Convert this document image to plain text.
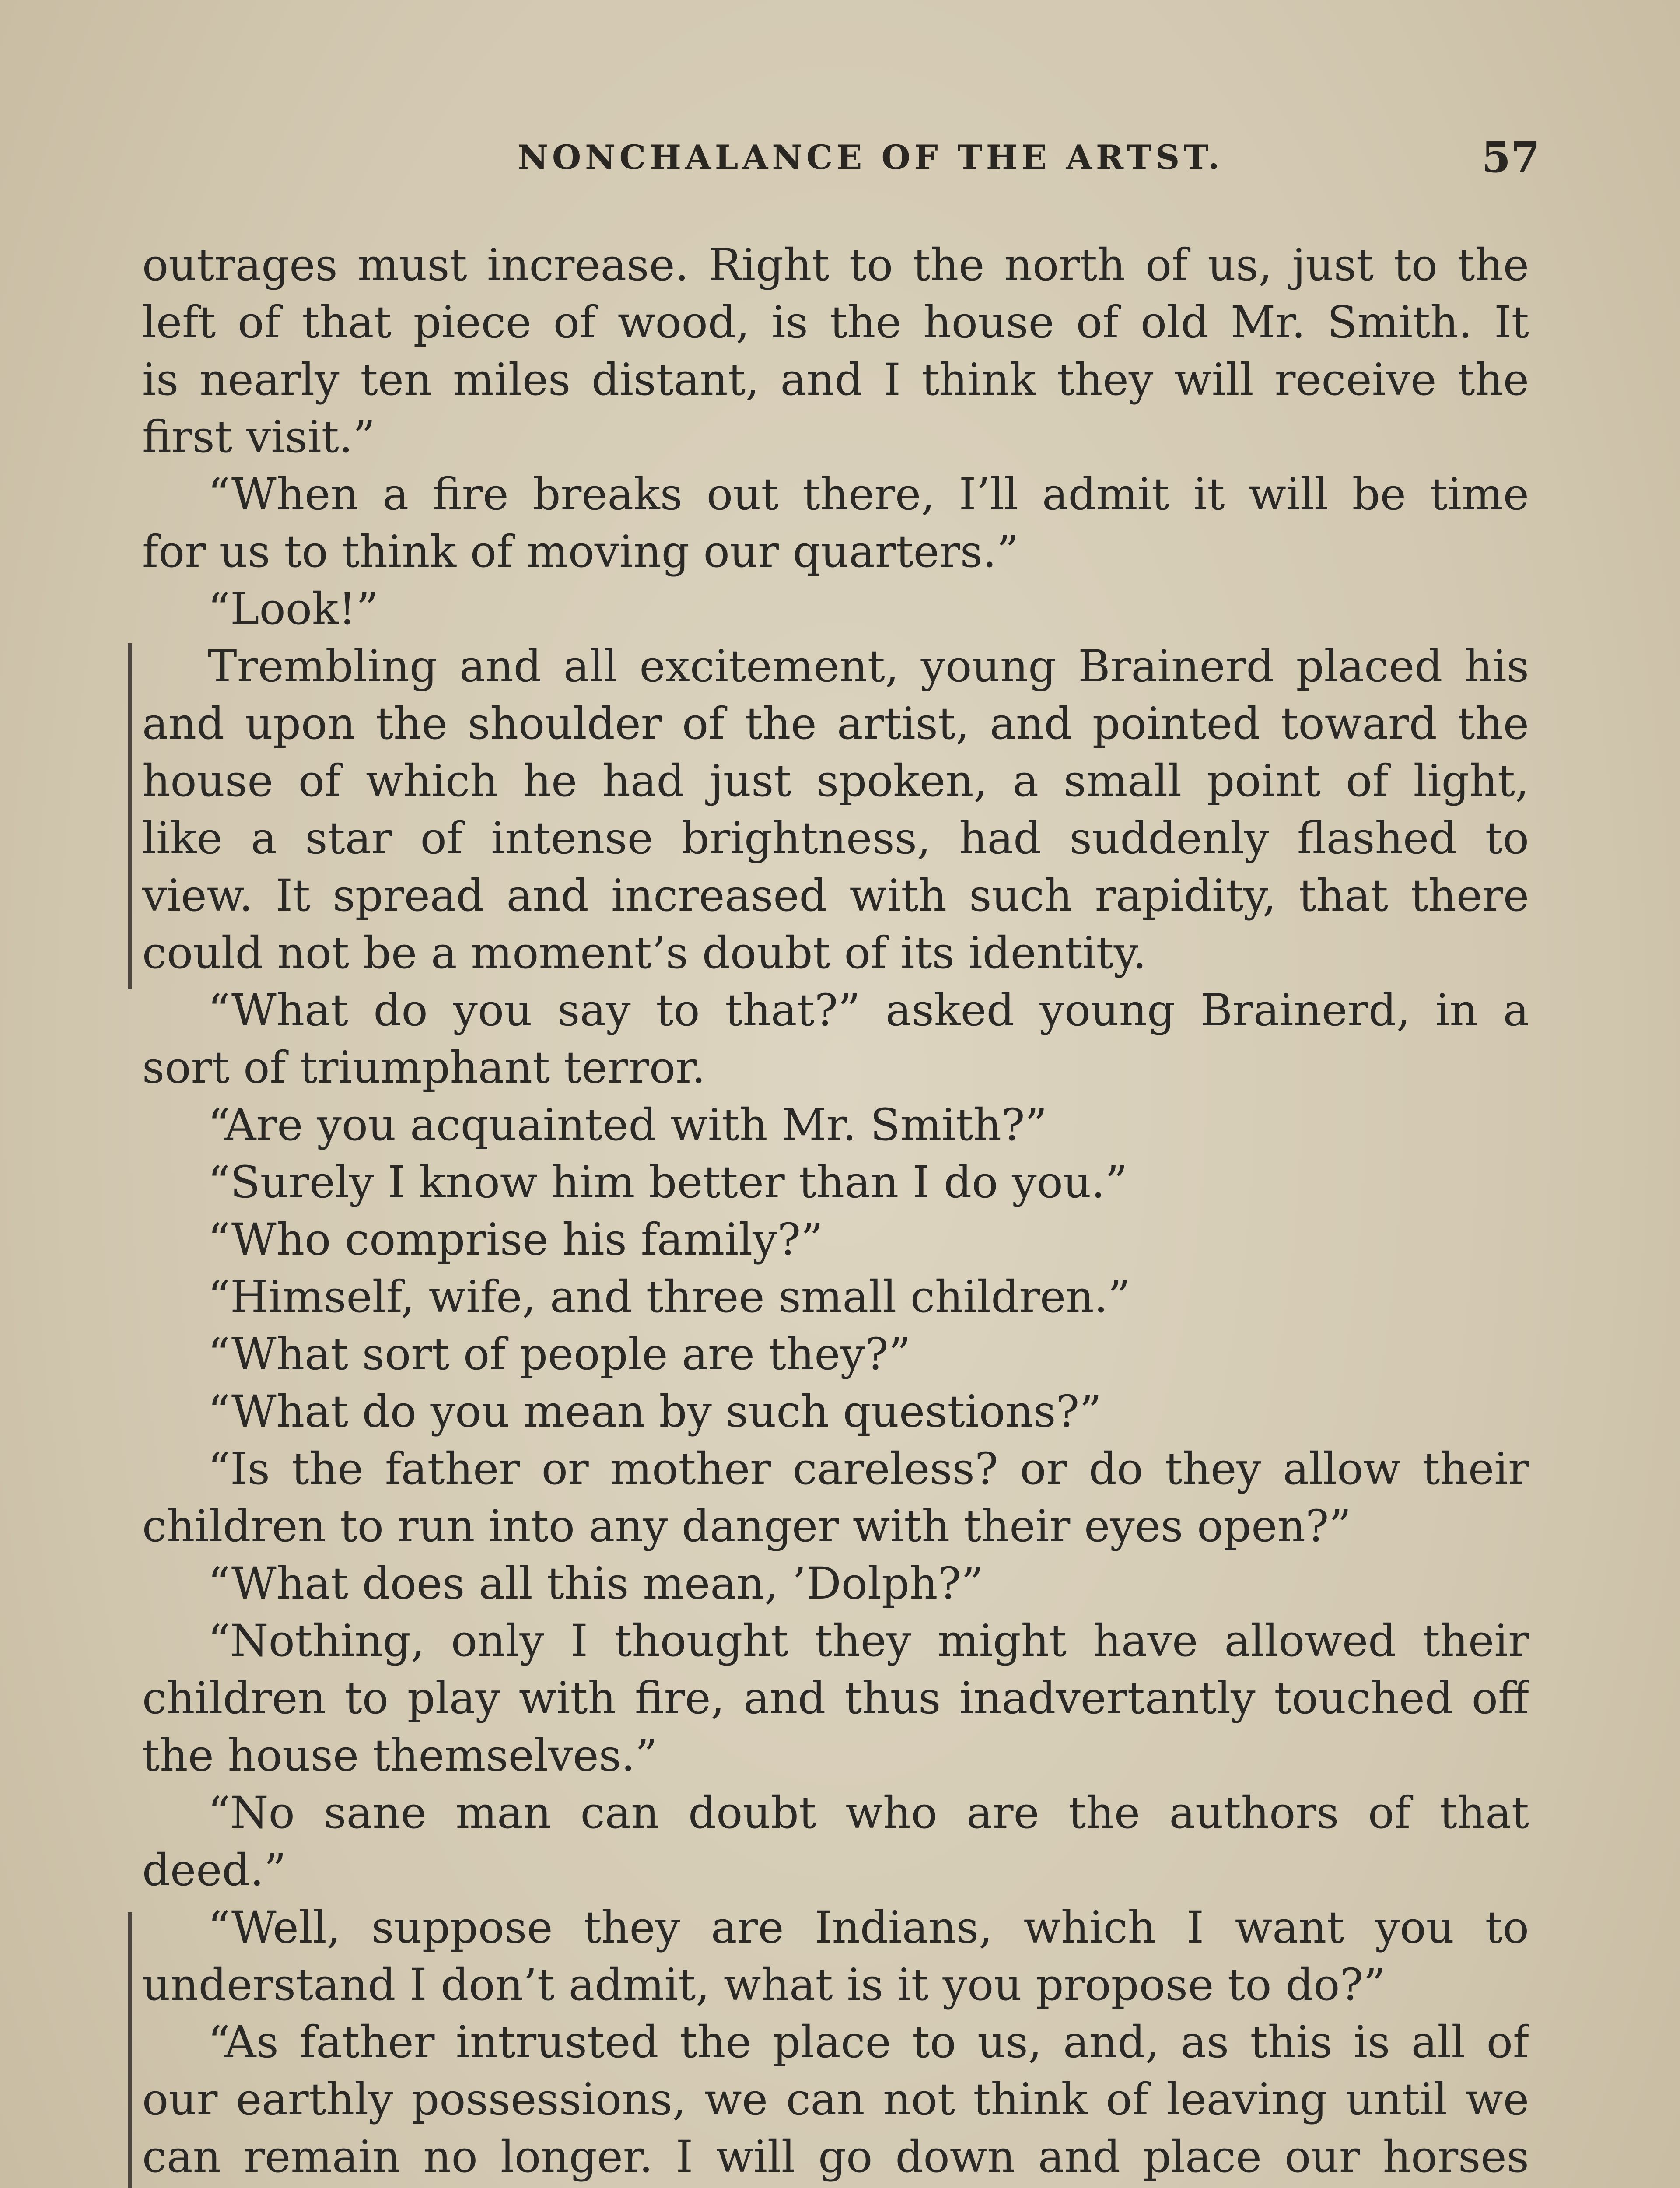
NONCHALANCE OF THE ARTST.	57
outrages must increase. Right to the north of us, just to the
left of that piece of wood, is the house of old Mr. Smith. It
is nearly ten miles distant, and I think they will receive the
first visit.”
“When a fire breaks out there, I’ll admit it will be time
for us to think of moving our quarters.”
“Look!”
Trembling and all excitement, young Brainerd placed his
and upon the shoulder of the artist, and pointed toward the
house of which he had just spoken, a small point of light,
like a star of intense brightness, had suddenly flashed to
view. It spread and increased with such rapidity, that there
could not be a moment’s doubt of its identity.
“What do you say to that?” asked young Brainerd, in a
sort of triumphant terror.
“Are you acquainted with Mr. Smith?”
“Surely I know him better than I do you.”
“Who comprise his family?”
“Himself, wife, and three small children.”
“What sort of people are they?”
“What do you mean by such questions?”
“Is the father or mother careless? or do they allow their
children to run into any danger with their eyes open?”
“What does all this mean, ’Dolph?”
“Nothing, only I thought they might have allowed their
children to play with fire, and thus inadvertantly touched off
the house themselves.”
“No sane man can doubt who are the authors of that
deed.”
“Well, suppose they are Indians, which I want you to
understand I don’t admit, what is it you propose to do?”
“As father intrusted the place to us, and, as this is all of
our earthly possessions, we can not think of leaving until we
can remain no longer. I will go down and place our horses
